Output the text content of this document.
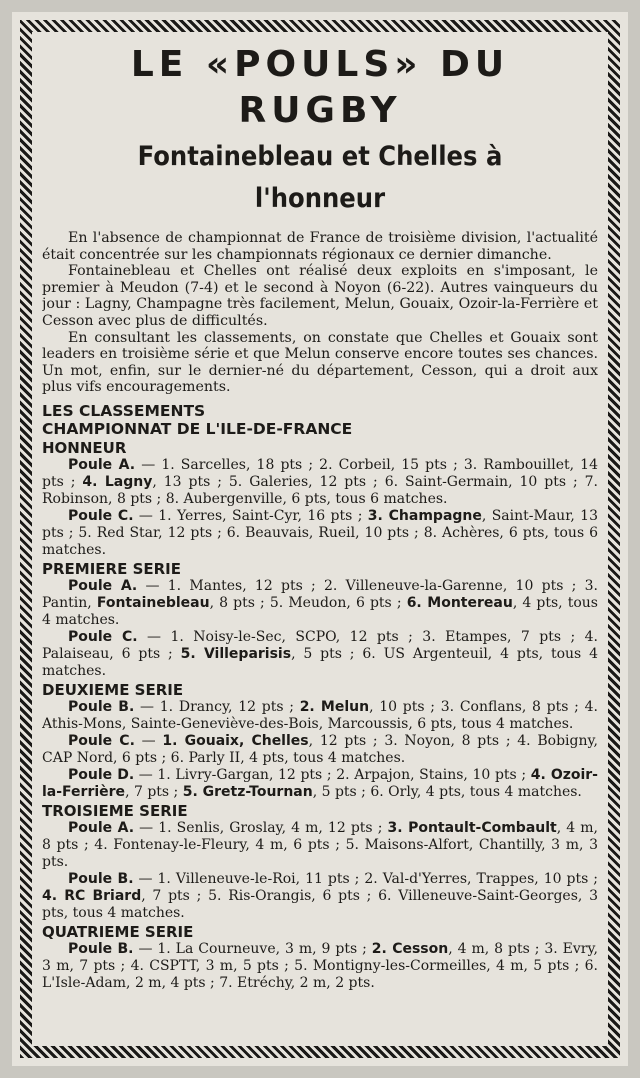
LE «POULS» DU RUGBY
Fontainebleau et Chelles à l'honneur

En l'absence de championnat de France de troisième division, l'actualité était concentrée sur les championnats régionaux ce dernier dimanche.

Fontainebleau et Chelles ont réalisé deux exploits en s'imposant, le premier à Meudon (7-4) et le second à Noyon (6-22). Autres vainqueurs du jour : Lagny, Champagne très facilement, Melun, Gouaix, Ozoir-la-Ferrière et Cesson avec plus de difficultés.

En consultant les classements, on constate que Chelles et Gouaix sont leaders en troisième série et que Melun conserve encore toutes ses chances. Un mot, enfin, sur le dernier-né du département, Cesson, qui a droit aux plus vifs encouragements.

LES CLASSEMENTS
CHAMPIONNAT DE L'ILE-DE-FRANCE
HONNEUR

Poule A. — 1. Sarcelles, 18 pts ; 2. Corbeil, 15 pts ; 3. Rambouillet, 14 pts ; 4. Lagny, 13 pts ; 5. Galeries, 12 pts ; 6. Saint-Germain, 10 pts ; 7. Robinson, 8 pts ; 8. Aubergenville, 6 pts, tous 6 matches.

Poule C. — 1. Yerres, Saint-Cyr, 16 pts ; 3. Champagne, Saint-Maur, 13 pts ; 5. Red Star, 12 pts ; 6. Beauvais, Rueil, 10 pts ; 8. Achères, 6 pts, tous 6 matches.

PREMIERE SERIE

Poule A. — 1. Mantes, 12 pts ; 2. Villeneuve-la-Garenne, 10 pts ; 3. Pantin, Fontainebleau, 8 pts ; 5. Meudon, 6 pts ; 6. Montereau, 4 pts, tous 4 matches.

Poule C. — 1. Noisy-le-Sec, SCPO, 12 pts ; 3. Etampes, 7 pts ; 4. Palaiseau, 6 pts ; 5. Villeparisis, 5 pts ; 6. US Argenteuil, 4 pts, tous 4 matches.

DEUXIEME SERIE

Poule B. — 1. Drancy, 12 pts ; 2. Melun, 10 pts ; 3. Conflans, 8 pts ; 4. Athis-Mons, Sainte-Geneviève-des-Bois, Marcoussis, 6 pts, tous 4 matches.

Poule C. — 1. Gouaix, Chelles, 12 pts ; 3. Noyon, 8 pts ; 4. Bobigny, CAP Nord, 6 pts ; 6. Parly II, 4 pts, tous 4 matches.

Poule D. — 1. Livry-Gargan, 12 pts ; 2. Arpajon, Stains, 10 pts ; 4. Ozoir-la-Ferrière, 7 pts ; 5. Gretz-Tournan, 5 pts ; 6. Orly, 4 pts, tous 4 matches.

TROISIEME SERIE

Poule A. — 1. Senlis, Groslay, 4 m, 12 pts ; 3. Pontault-Combault, 4 m, 8 pts ; 4. Fontenay-le-Fleury, 4 m, 6 pts ; 5. Maisons-Alfort, Chantilly, 3 m, 3 pts.

Poule B. — 1. Villeneuve-le-Roi, 11 pts ; 2. Val-d'Yerres, Trappes, 10 pts ; 4. RC Briard, 7 pts ; 5. Ris-Orangis, 6 pts ; 6. Villeneuve-Saint-Georges, 3 pts, tous 4 matches.

QUATRIEME SERIE

Poule B. — 1. La Courneuve, 3 m, 9 pts ; 2. Cesson, 4 m, 8 pts ; 3. Evry, 3 m, 7 pts ; 4. CSPTT, 3 m, 5 pts ; 5. Montigny-les-Cormeilles, 4 m, 5 pts ; 6. L'Isle-Adam, 2 m, 4 pts ; 7. Etréchy, 2 m, 2 pts.
